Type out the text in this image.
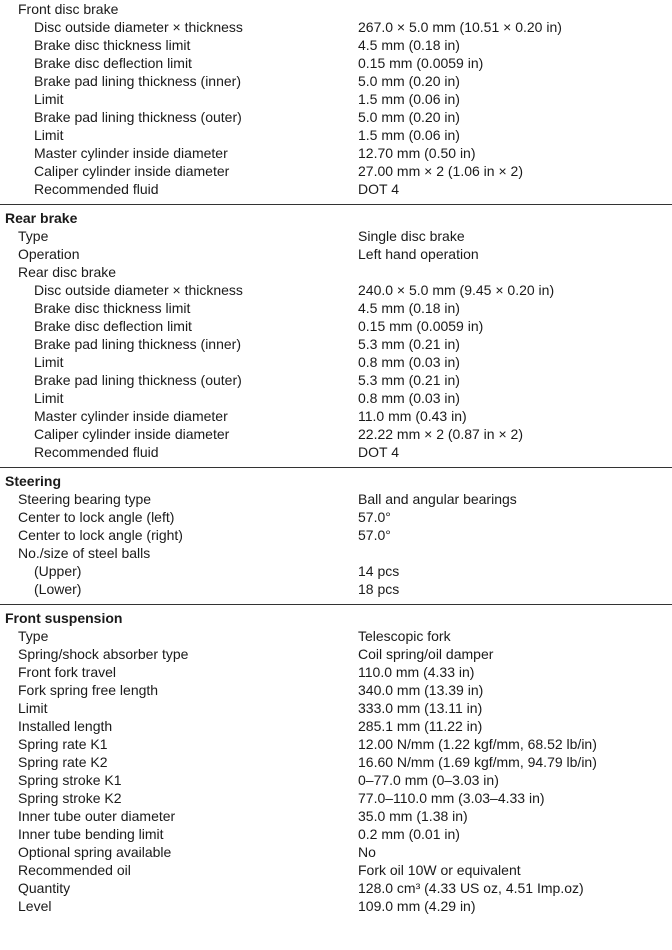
Front disc brake
Disc outside diameter × thickness	267.0 × 5.0 mm (10.51 × 0.20 in)
Brake disc thickness limit	4.5 mm (0.18 in)
Brake disc deflection limit	0.15 mm (0.0059 in)
Brake pad lining thickness (inner)	5.0 mm (0.20 in)
Limit	1.5 mm (0.06 in)
Brake pad lining thickness (outer)	5.0 mm (0.20 in)
Limit	1.5 mm (0.06 in)
Master cylinder inside diameter	12.70 mm (0.50 in)
Caliper cylinder inside diameter	27.00 mm × 2 (1.06 in × 2)
Recommended fluid	DOT 4
Rear brake
Type	Single disc brake
Operation	Left hand operation
Rear disc brake
Disc outside diameter × thickness	240.0 × 5.0 mm (9.45 × 0.20 in)
Brake disc thickness limit	4.5 mm (0.18 in)
Brake disc deflection limit	0.15 mm (0.0059 in)
Brake pad lining thickness (inner)	5.3 mm (0.21 in)
Limit	0.8 mm (0.03 in)
Brake pad lining thickness (outer)	5.3 mm (0.21 in)
Limit	0.8 mm (0.03 in)
Master cylinder inside diameter	11.0 mm (0.43 in)
Caliper cylinder inside diameter	22.22 mm × 2 (0.87 in × 2)
Recommended fluid	DOT 4
Steering
Steering bearing type	Ball and angular bearings
Center to lock angle (left)	57.0°
Center to lock angle (right)	57.0°
No./size of steel balls
(Upper)	14 pcs
(Lower)	18 pcs
Front suspension
Type	Telescopic fork
Spring/shock absorber type	Coil spring/oil damper
Front fork travel	110.0 mm (4.33 in)
Fork spring free length	340.0 mm (13.39 in)
Limit	333.0 mm (13.11 in)
Installed length	285.1 mm (11.22 in)
Spring rate K1	12.00 N/mm (1.22 kgf/mm, 68.52 lb/in)
Spring rate K2	16.60 N/mm (1.69 kgf/mm, 94.79 lb/in)
Spring stroke K1	0–77.0 mm (0–3.03 in)
Spring stroke K2	77.0–110.0 mm (3.03–4.33 in)
Inner tube outer diameter	35.0 mm (1.38 in)
Inner tube bending limit	0.2 mm (0.01 in)
Optional spring available	No
Recommended oil	Fork oil 10W or equivalent
Quantity	128.0 cm³ (4.33 US oz, 4.51 Imp.oz)
Level	109.0 mm (4.29 in)
